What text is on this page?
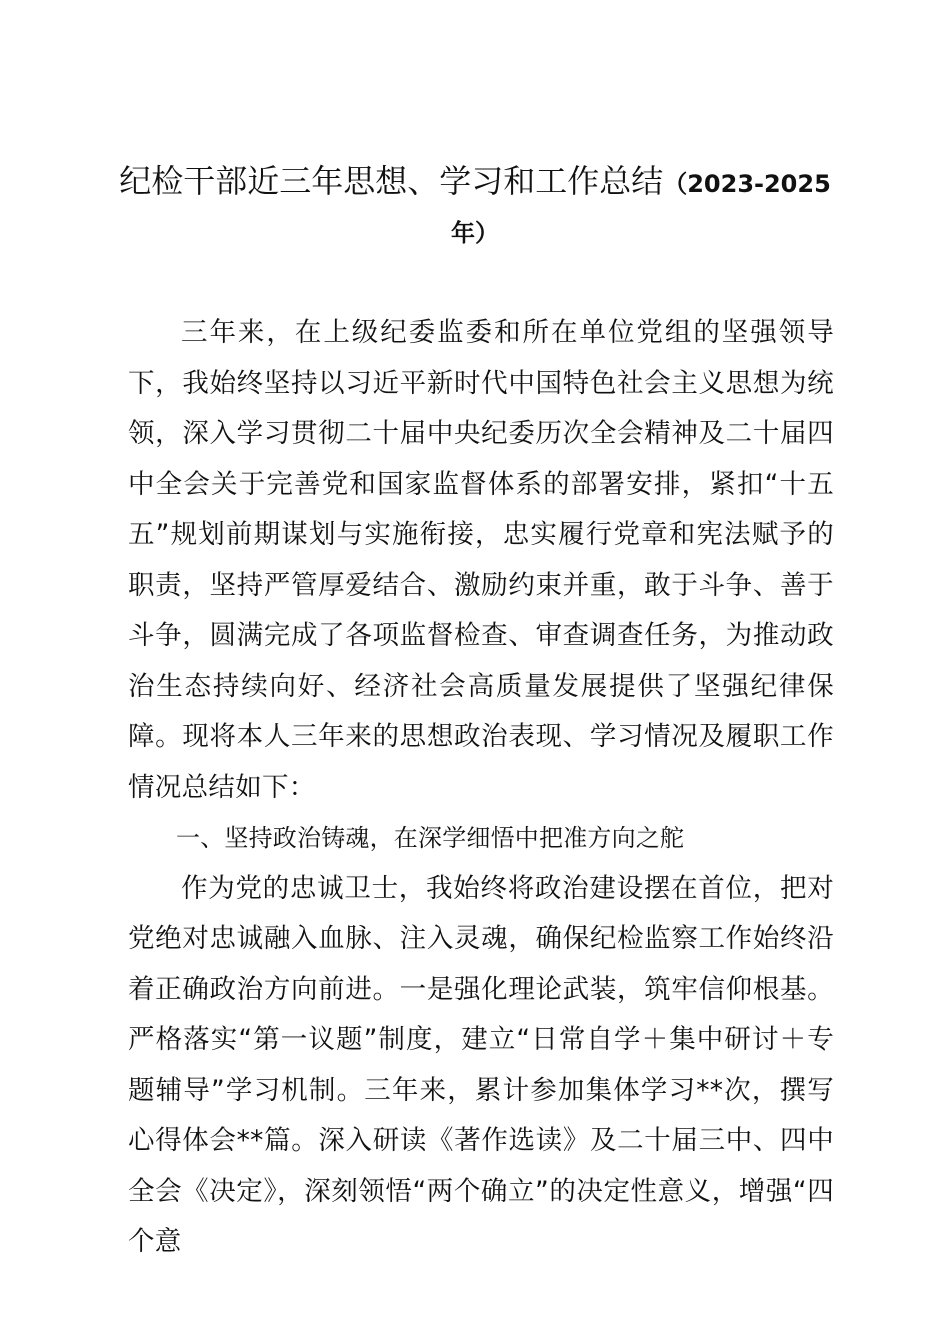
纪检干部近三年思想、学习和工作总结（2023-2025年）

三年来，在上级纪委监委和所在单位党组的坚强领导下，我始终坚持以习近平新时代中国特色社会主义思想为统领，深入学习贯彻二十届中央纪委历次全会精神及二十届四中全会关于完善党和国家监督体系的部署安排，紧扣“十五五”规划前期谋划与实施衔接，忠实履行党章和宪法赋予的职责，坚持严管厚爱结合、激励约束并重，敢于斗争、善于斗争，圆满完成了各项监督检查、审查调查任务，为推动政治生态持续向好、经济社会高质量发展提供了坚强纪律保障。现将本人三年来的思想政治表现、学习情况及履职工作情况总结如下：

一、坚持政治铸魂，在深学细悟中把准方向之舵

作为党的忠诚卫士，我始终将政治建设摆在首位，把对党绝对忠诚融入血脉、注入灵魂，确保纪检监察工作始终沿着正确政治方向前进。一是强化理论武装，筑牢信仰根基。严格落实“第一议题”制度，建立“日常自学＋集中研讨＋专题辅导”学习机制。三年来，累计参加集体学习**次，撰写心得体会**篇。深入研读《著作选读》及二十届三中、四中全会《决定》，深刻领悟“两个确立”的决定性意义，增强“四个意
